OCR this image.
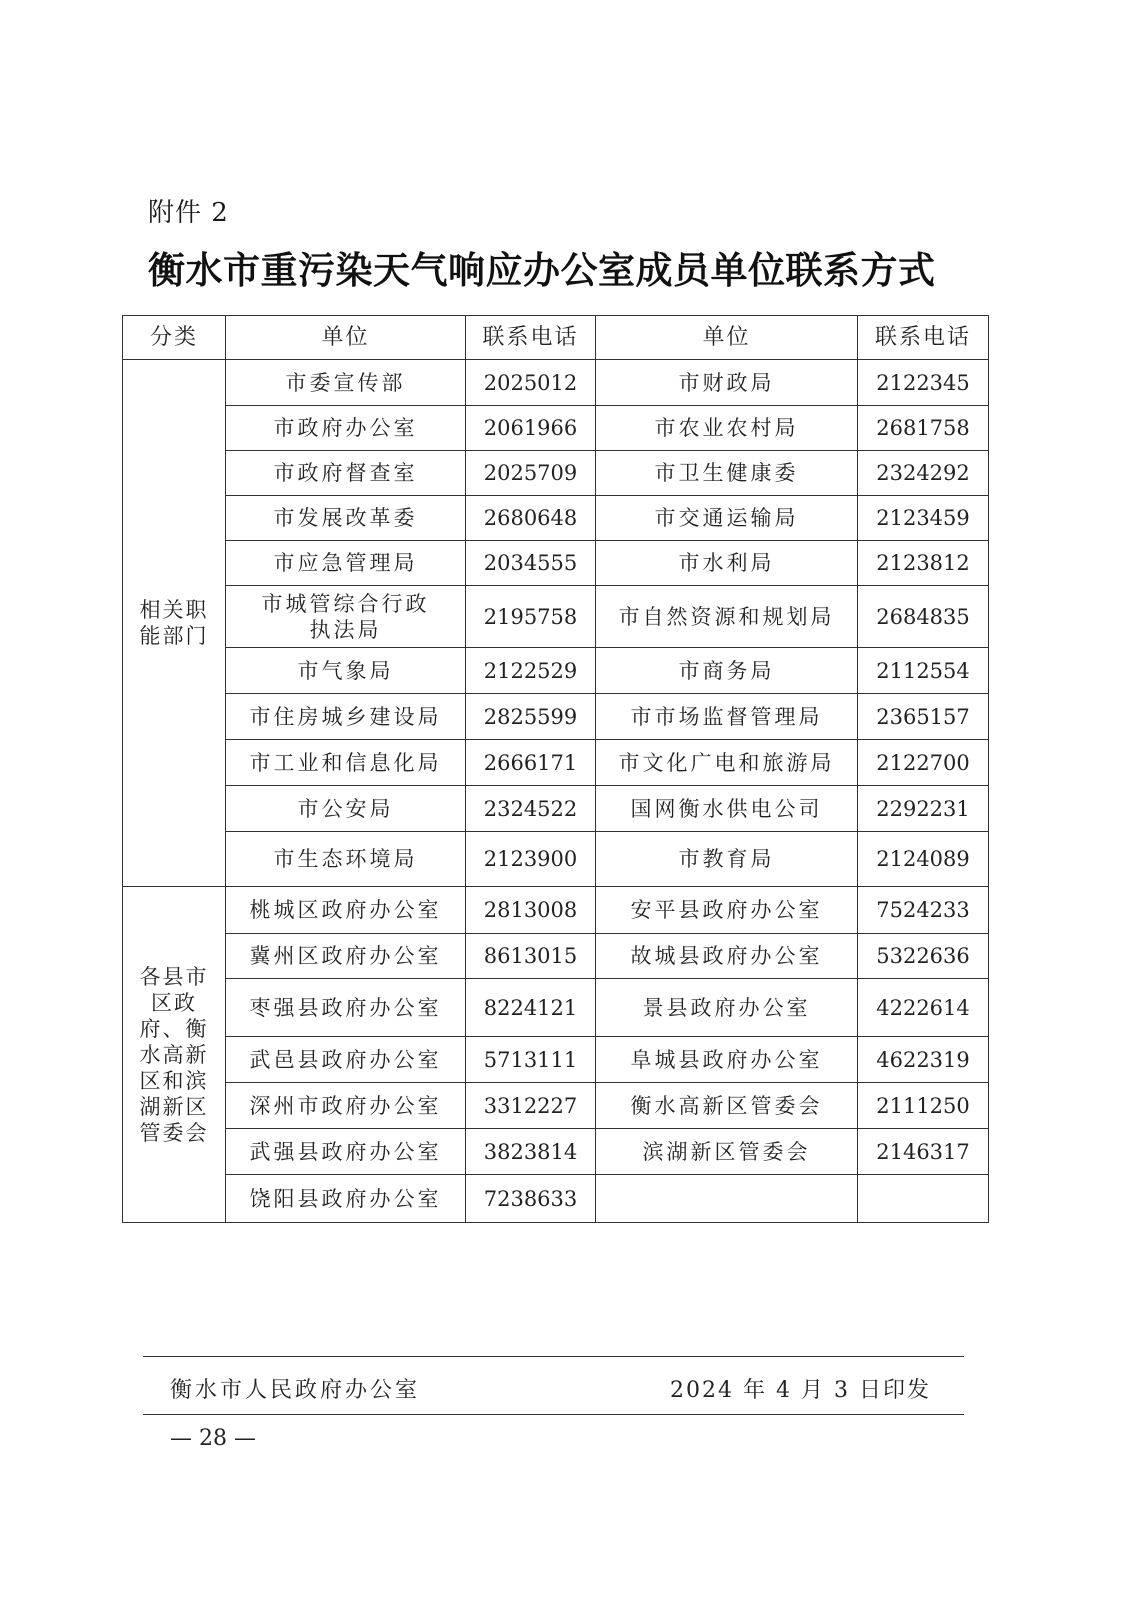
附件 2
衡水市重污染天气响应办公室成员单位联系方式
分类	单位	联系电话	单位	联系电话
相关职能部门	市委宣传部	2025012	市财政局	2122345
	市政府办公室	2061966	市农业农村局	2681758
	市政府督查室	2025709	市卫生健康委	2324292
	市发展改革委	2680648	市交通运输局	2123459
	市应急管理局	2034555	市水利局	2123812
	市城管综合行政执法局	2195758	市自然资源和规划局	2684835
	市气象局	2122529	市商务局	2112554
	市住房城乡建设局	2825599	市市场监督管理局	2365157
	市工业和信息化局	2666171	市文化广电和旅游局	2122700
	市公安局	2324522	国网衡水供电公司	2292231
	市生态环境局	2123900	市教育局	2124089
各县市区政府、衡水高新区和滨湖新区管委会	桃城区政府办公室	2813008	安平县政府办公室	7524233
	冀州区政府办公室	8613015	故城县政府办公室	5322636
	枣强县政府办公室	8224121	景县政府办公室	4222614
	武邑县政府办公室	5713111	阜城县政府办公室	4622319
	深州市政府办公室	3312227	衡水高新区管委会	2111250
	武强县政府办公室	3823814	滨湖新区管委会	2146317
	饶阳县政府办公室	7238633		
衡水市人民政府办公室	2024 年 4 月 3 日印发
— 28 —
